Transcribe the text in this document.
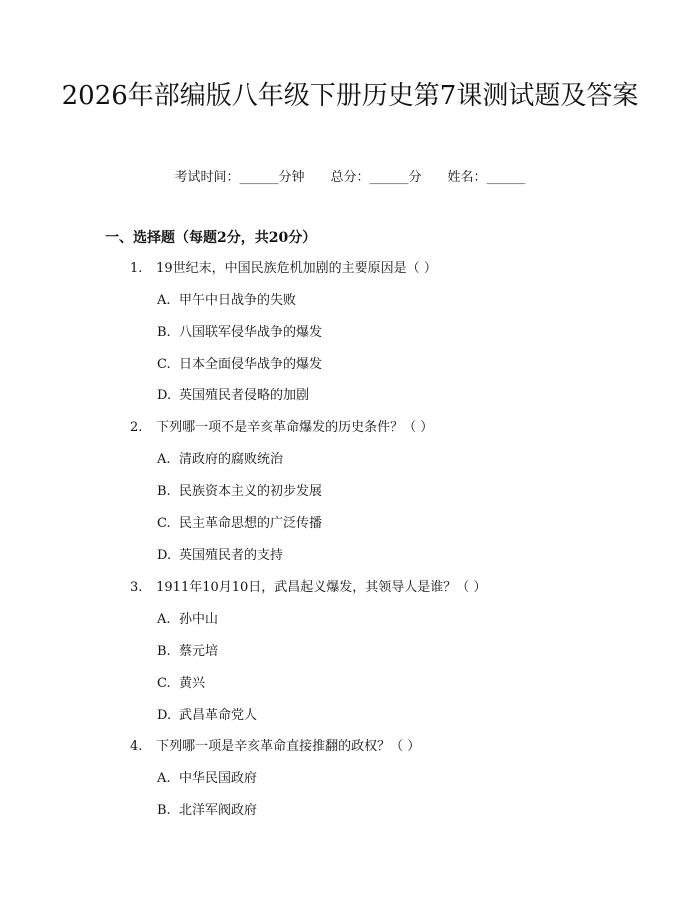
2026年部编版八年级下册历史第7课测试题及答案
考试时间：______分钟 总分：______分 姓名：______
一、选择题（每题2分，共20分）
1. 19世纪末，中国民族危机加剧的主要原因是（ ）
A. 甲午中日战争的失败
B. 八国联军侵华战争的爆发
C. 日本全面侵华战争的爆发
D. 英国殖民者侵略的加剧
2. 下列哪一项不是辛亥革命爆发的历史条件？（ ）
A. 清政府的腐败统治
B. 民族资本主义的初步发展
C. 民主革命思想的广泛传播
D. 英国殖民者的支持
3. 1911年10月10日，武昌起义爆发，其领导人是谁？（ ）
A. 孙中山
B. 蔡元培
C. 黄兴
D. 武昌革命党人
4. 下列哪一项是辛亥革命直接推翻的政权？（ ）
A. 中华民国政府
B. 北洋军阀政府
